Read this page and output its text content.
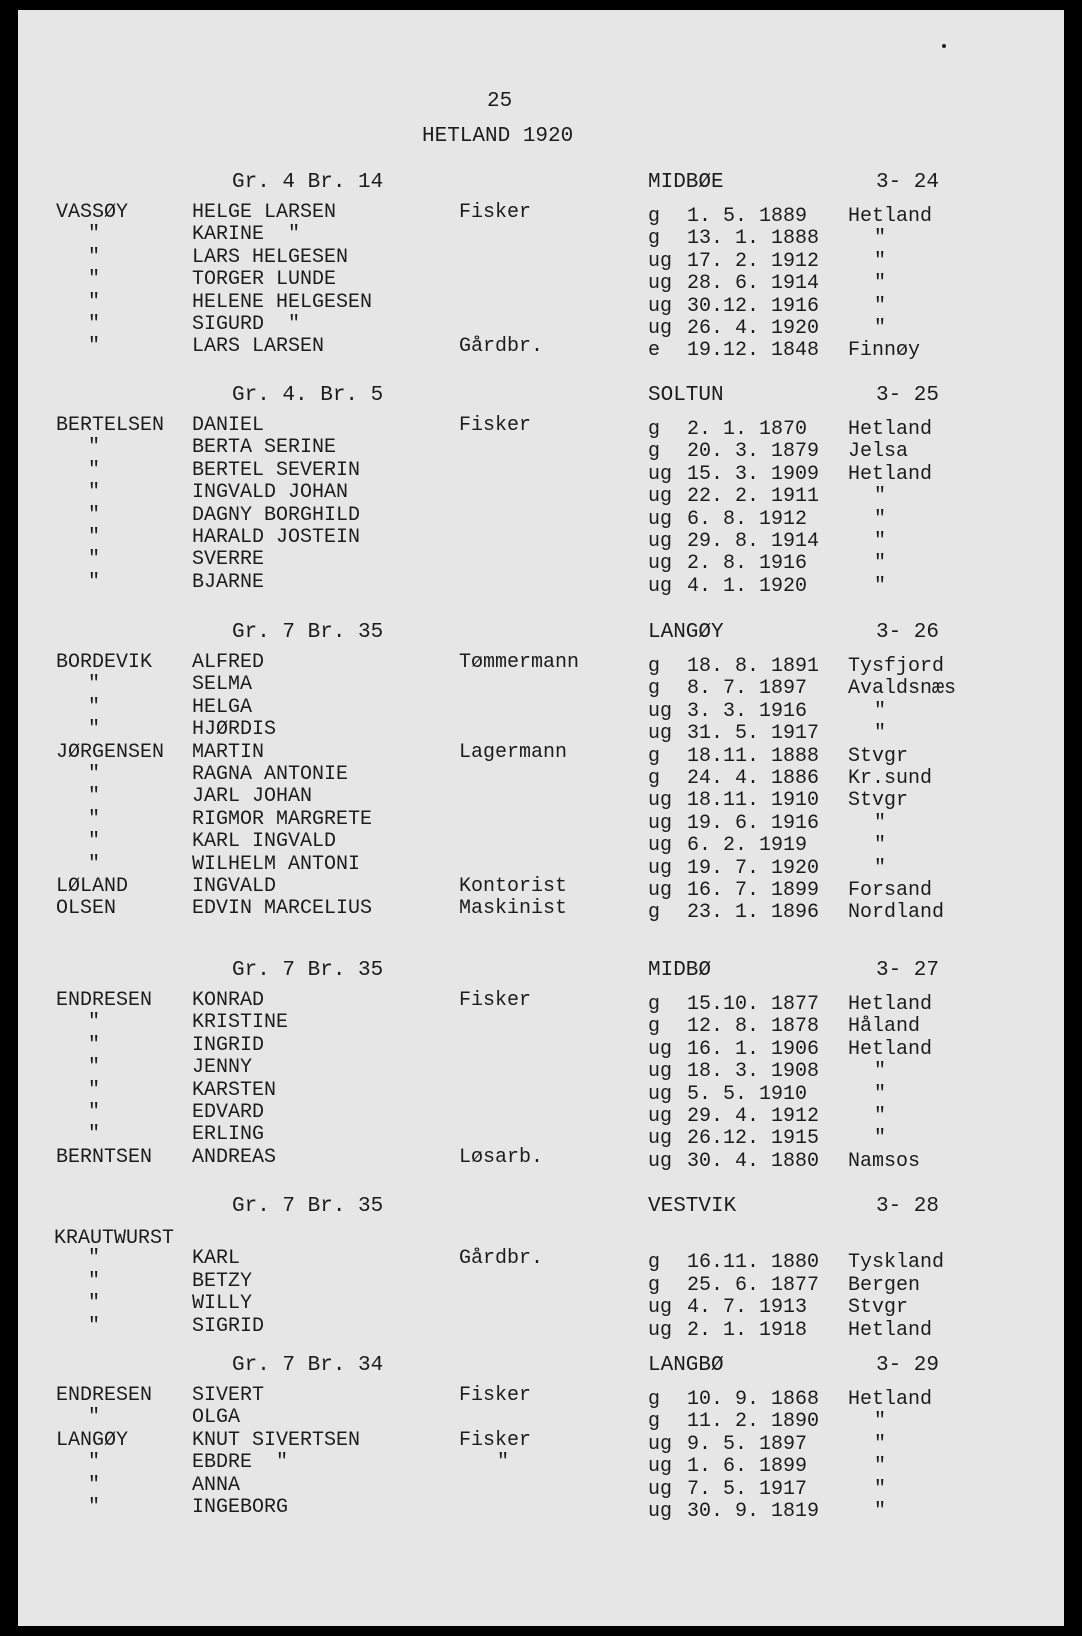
25
HETLAND 1920
Gr. 4 Br. 14	MIDBØE	3- 24
VASSØY	HELGE LARSEN	Fisker	g 1. 5. 1889 Hetland
"	KARINE  "	g 13. 1. 1888	"
"	LARS HELGESEN	ug 17. 2. 1912	"
"	TORGER LUNDE	ug 28. 6. 1914	"
"	HELENE HELGESEN	ug 30.12. 1916	"
"	SIGURD  "	ug 26. 4. 1920	"
"	LARS LARSEN	Gårdbr.	e 19.12. 1848 Finnøy
Gr. 4. Br. 5	SOLTUN	3- 25
BERTELSEN DANIEL	Fisker	g 2. 1. 1870 Hetland
"	BERTA SERINE	g 20. 3. 1879 Jelsa
"	BERTEL SEVERIN	ug 15. 3. 1909 Hetland
"	INGVALD JOHAN	ug 22. 2. 1911	"
"	DAGNY BORGHILD	ug 6. 8. 1912	"
"	HARALD JOSTEIN	ug 29. 8. 1914	"
"	SVERRE	ug 2. 8. 1916	"
"	BJARNE	ug 4. 1. 1920	"
Gr. 7 Br. 35	LANGØY	3- 26
BORDEVIK ALFRED	Tømmermann	g 18. 8. 1891 Tysfjord
"	SELMA	g 8. 7. 1897 Avaldsnæs
"	HELGA	ug 3. 3. 1916	"
"	HJØRDIS	ug 31. 5. 1917	"
JØRGENSEN MARTIN	Lagermann	g 18.11. 1888 Stvgr
"	RAGNA ANTONIE	g 24. 4. 1886 Kr.sund
"	JARL JOHAN	ug 18.11. 1910 Stvgr
"	RIGMOR MARGRETE	ug 19. 6. 1916	"
"	KARL INGVALD	ug 6. 2. 1919	"
"	WILHELM ANTONI	ug 19. 7. 1920	"
LØLAND	INGVALD	Kontorist	ug 16. 7. 1899 Forsand
OLSEN	EDVIN MARCELIUS	Maskinist	g 23. 1. 1896 Nordland
Gr. 7 Br. 35	MIDBØ	3- 27
ENDRESEN KONRAD	Fisker	g 15.10. 1877 Hetland
"	KRISTINE	g 12. 8. 1878 Håland
"	INGRID	ug 16. 1. 1906 Hetland
"	JENNY	ug 18. 3. 1908	"
"	KARSTEN	ug 5. 5. 1910	"
"	EDVARD	ug 29. 4. 1912	"
"	ERLING	ug 26.12. 1915	"
BERNTSEN ANDREAS	Løsarb.	ug 30. 4. 1880 Namsos
Gr. 7 Br. 35	VESTVIK	3- 28
KRAUTWURST
"	KARL	Gårdbr.	g 16.11. 1880 Tyskland
"	BETZY	g 25. 6. 1877 Bergen
"	WILLY	ug 4. 7. 1913 Stvgr
"	SIGRID	ug 2. 1. 1918 Hetland
Gr. 7 Br. 34	LANGBØ	3- 29
ENDRESEN SIVERT	Fisker	g 10. 9. 1868 Hetland
"	OLGA	g 11. 2. 1890	"
LANGØY	KNUT SIVERTSEN	Fisker	ug 9. 5. 1897	"
"	EBDRE  "	"	ug 1. 6. 1899	"
"	ANNA	ug 7. 5. 1917	"
"	INGEBORG	ug 30. 9. 1819	"
